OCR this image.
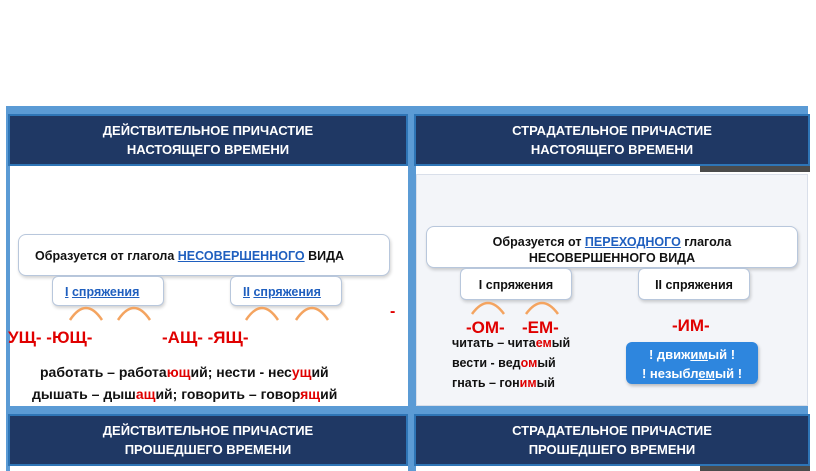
ДЕЙСТВИТЕЛЬНОЕ ПРИЧАСТИЕ
НАСТОЯЩЕГО ВРЕМЕНИ
СТРАДАТЕЛЬНОЕ ПРИЧАСТИЕ
НАСТОЯЩЕГО ВРЕМЕНИ
ДЕЙСТВИТЕЛЬНОЕ ПРИЧАСТИЕ
ПРОШЕДШЕГО ВРЕМЕНИ
СТРАДАТЕЛЬНОЕ ПРИЧАСТИЕ
ПРОШЕДШЕГО ВРЕМЕНИ
Образуется от глагола НЕСОВЕРШЕННОГО ВИДА
I спряжения	II спряжения
-
УЩ- -ЮЩ-	-АЩ- -ЯЩ-
работать – работающий; нести - несущий
дышать – дышащий; говорить – говорящий
Образуется от ПЕРЕХОДНОГО глагола
НЕСОВЕРШЕННОГО ВИДА
I спряжения	II спряжения
-ОМ- -ЕМ-	-ИМ-
читать – читаемый
вести - ведомый
гнать – гонимый
! движимый !
! незыблемый !
